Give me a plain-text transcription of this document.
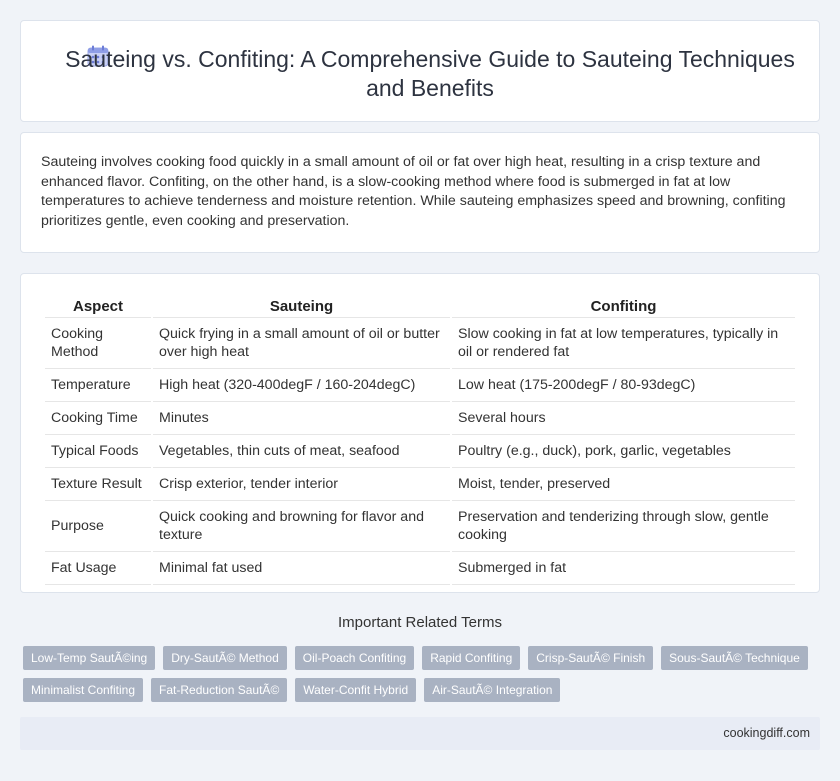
Sauteing vs. Confiting: A Comprehensive Guide to Sauteing Techniques and Benefits

Sauteing involves cooking food quickly in a small amount of oil or fat over high heat, resulting in a crisp texture and enhanced flavor. Confiting, on the other hand, is a slow-cooking method where food is submerged in fat at low temperatures to achieve tenderness and moisture retention. While sauteing emphasizes speed and browning, confiting prioritizes gentle, even cooking and preservation.

Aspect	Sauteing	Confiting
Cooking Method	Quick frying in a small amount of oil or butter over high heat	Slow cooking in fat at low temperatures, typically in oil or rendered fat
Temperature	High heat (320-400degF / 160-204degC)	Low heat (175-200degF / 80-93degC)
Cooking Time	Minutes	Several hours
Typical Foods	Vegetables, thin cuts of meat, seafood	Poultry (e.g., duck), pork, garlic, vegetables
Texture Result	Crisp exterior, tender interior	Moist, tender, preserved
Purpose	Quick cooking and browning for flavor and texture	Preservation and tenderizing through slow, gentle cooking
Fat Usage	Minimal fat used	Submerged in fat
Important Related Terms
Low-Temp SautÃ©ing	Dry-SautÃ© Method	Oil-Poach Confiting	Rapid Confiting	Crisp-SautÃ© Finish	Sous-SautÃ© Technique
Minimalist Confiting	Fat-Reduction SautÃ©	Water-Confit Hybrid	Air-SautÃ© Integration
cookingdiff.com
